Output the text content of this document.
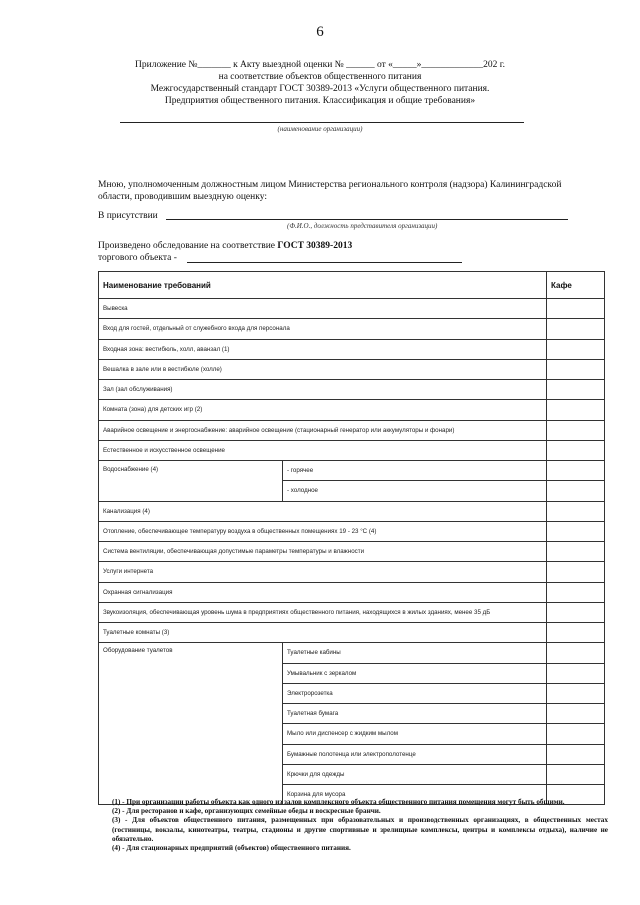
6
Приложение №_______ к Акту выездной оценки № ______ от «_____»_____________202 г.
на соответствие объектов общественного питания
Межгосударственный стандарт ГОСТ 30389-2013 «Услуги общественного питания.
Предприятия общественного питания. Классификация и общие требования»
(наименование организации)
Мною, уполномоченным должностным лицом Министерства регионального контроля (надзора) Калининградской
области, проводившим выездную оценку:
В присутствии
(Ф.И.О., должность представителя организации)
Произведено обследование на соответствие ГОСТ 30389-2013
торгового объекта -
Наименование требований		Кафе
Вывеска		
Вход для гостей, отдельный от служебного входа для персонала		
Входная зона: вестибюль, холл, аванзал (1)		
Вешалка в зале или в вестибюле (холле)		
Зал (зал обслуживания)		
Комната (зона) для детских игр (2)		
Аварийное освещение и энергоснабжение: аварийное освещение (стационарный генератор или аккумуляторы и фонари)		
Естественное и искусственное освещение		
Водоснабжение (4)	- горячее	
	- холодное	
Канализация (4)		
Отопление, обеспечивающее температуру воздуха в общественных помещениях 19 - 23 °С (4)		
Система вентиляции, обеспечивающая допустимые параметры температуры и влажности		
Услуги интернета		
Охранная сигнализация		
Звукоизоляция, обеспечивающая уровень шума в предприятиях общественного питания, находящихся в жилых зданиях, менее 35 дБ		
Туалетные комнаты (3)		
Оборудование туалетов	Туалетные кабины	
	Умывальник с зеркалом	
	Электророзетка	
	Туалетная бумага	
	Мыло или диспенсер с жидким мылом	
	Бумажные полотенца или электрополотенце	
	Крючки для одежды	
	Корзина для мусора	

(1) - При организации работы объекта как одного из залов комплексного объекта общественного питания помещения могут быть общими.

(2) - Для ресторанов и кафе, организующих семейные обеды и воскресные бранчи.

(3) - Для объектов общественного питания, размещенных при образовательных и производственных организациях, в общественных местах (гостиницы, вокзалы, кинотеатры, театры, стадионы и другие спортивные и зрелищные комплексы, центры и комплексы отдыха), наличие не обязательно.

(4) - Для стационарных предприятий (объектов) общественного питания.
